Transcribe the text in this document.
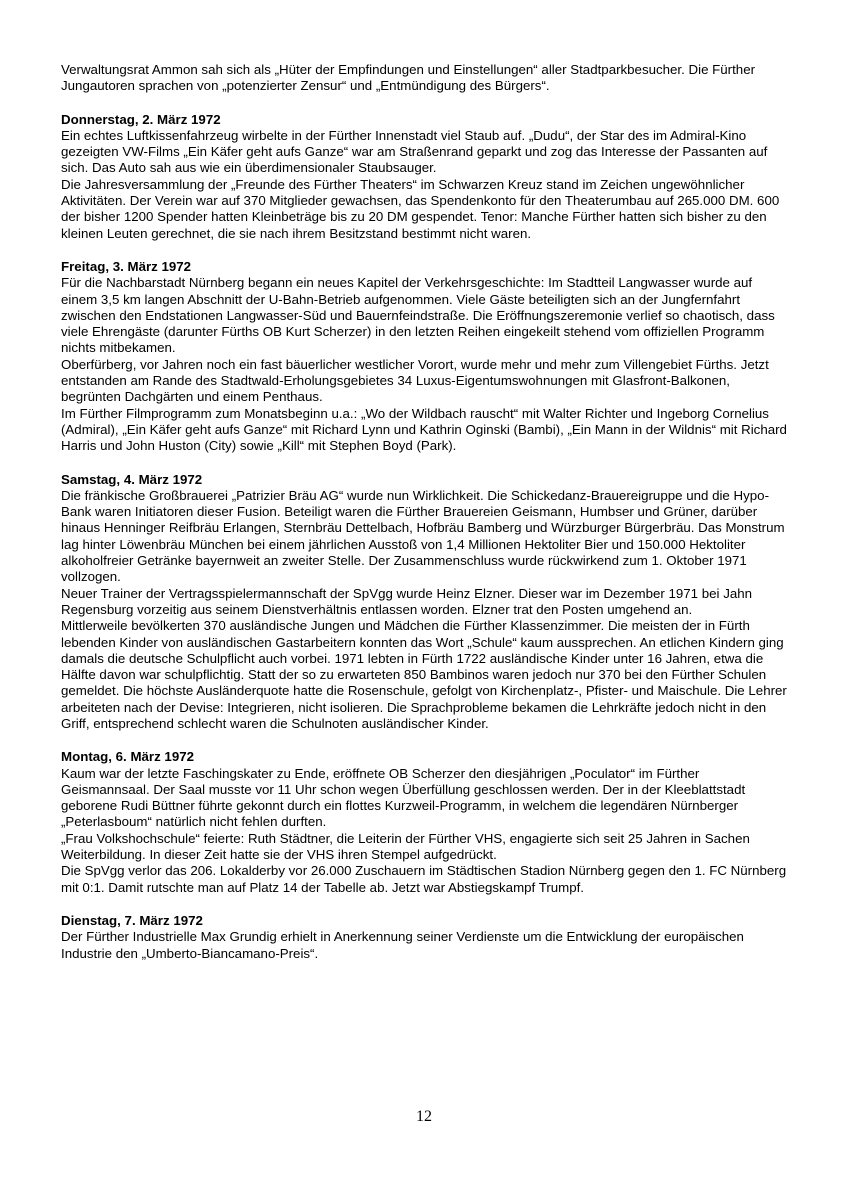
Verwaltungsrat Ammon sah sich als „Hüter der Empfindungen und Einstellungen“ aller Stadtparkbesucher. Die Fürther Jungautoren sprachen von „potenzierter Zensur“ und „Entmündigung des Bürgers“.

Donnerstag, 2. März 1972

Ein echtes Luftkissenfahrzeug wirbelte in der Fürther Innenstadt viel Staub auf. „Dudu“, der Star des im Admiral-Kino gezeigten VW-Films „Ein Käfer geht aufs Ganze“ war am Straßenrand geparkt und zog das Interesse der Passanten auf sich. Das Auto sah aus wie ein überdimensionaler Staubsauger.

Die Jahresversammlung der „Freunde des Fürther Theaters“ im Schwarzen Kreuz stand im Zeichen ungewöhnlicher Aktivitäten. Der Verein war auf 370 Mitglieder gewachsen, das Spendenkonto für den Theaterumbau auf 265.000 DM. 600 der bisher 1200 Spender hatten Kleinbeträge bis zu 20 DM gespendet. Tenor: Manche Fürther hatten sich bisher zu den kleinen Leuten gerechnet, die sie nach ihrem Besitzstand bestimmt nicht waren.

Freitag, 3. März 1972

Für die Nachbarstadt Nürnberg begann ein neues Kapitel der Verkehrsgeschichte: Im Stadtteil Langwasser wurde auf einem 3,5 km langen Abschnitt der U-Bahn-Betrieb aufgenommen. Viele Gäste beteiligten sich an der Jungfernfahrt zwischen den Endstationen Langwasser-Süd und Bauernfeindstraße. Die Eröffnungszeremonie verlief so chaotisch, dass viele Ehrengäste (darunter Fürths OB Kurt Scherzer) in den letzten Reihen eingekeilt stehend vom offiziellen Programm nichts mitbekamen.

Oberfürberg, vor Jahren noch ein fast bäuerlicher westlicher Vorort, wurde mehr und mehr zum Villengebiet Fürths. Jetzt entstanden am Rande des Stadtwald-Erholungsgebietes 34 Luxus-Eigentumswohnungen mit Glasfront-Balkonen, begrünten Dachgärten und einem Penthaus.

Im Fürther Filmprogramm zum Monatsbeginn u.a.: „Wo der Wildbach rauscht“ mit Walter Richter und Ingeborg Cornelius (Admiral), „Ein Käfer geht aufs Ganze“ mit Richard Lynn und Kathrin Oginski (Bambi), „Ein Mann in der Wildnis“ mit Richard Harris und John Huston (City) sowie „Kill“ mit Stephen Boyd (Park).

Samstag, 4. März 1972

Die fränkische Großbrauerei „Patrizier Bräu AG“ wurde nun Wirklichkeit. Die Schickedanz-Brauereigruppe und die Hypo-Bank waren Initiatoren dieser Fusion. Beteiligt waren die Fürther Brauereien Geismann, Humbser und Grüner, darüber hinaus Henninger Reifbräu Erlangen, Sternbräu Dettelbach, Hofbräu Bamberg und Würzburger Bürgerbräu. Das Monstrum lag hinter Löwenbräu München bei einem jährlichen Ausstoß von 1,4 Millionen Hektoliter Bier und 150.000 Hektoliter alkoholfreier Getränke bayernweit an zweiter Stelle. Der Zusammenschluss wurde rückwirkend zum 1. Oktober 1971 vollzogen.

Neuer Trainer der Vertragsspielermannschaft der SpVgg wurde Heinz Elzner. Dieser war im Dezember 1971 bei Jahn Regensburg vorzeitig aus seinem Dienstverhältnis entlassen worden. Elzner trat den Posten umgehend an.

Mittlerweile bevölkerten 370 ausländische Jungen und Mädchen die Fürther Klassenzimmer. Die meisten der in Fürth lebenden Kinder von ausländischen Gastarbeitern konnten das Wort „Schule“ kaum aussprechen. An etlichen Kindern ging damals die deutsche Schulpflicht auch vorbei. 1971 lebten in Fürth 1722 ausländische Kinder unter 16 Jahren, etwa die Hälfte davon war schulpflichtig. Statt der so zu erwarteten 850 Bambinos waren jedoch nur 370 bei den Fürther Schulen gemeldet. Die höchste Ausländerquote hatte die Rosenschule, gefolgt von Kirchenplatz-, Pfister- und Maischule. Die Lehrer arbeiteten nach der Devise: Integrieren, nicht isolieren. Die Sprachprobleme bekamen die Lehrkräfte jedoch nicht in den Griff, entsprechend schlecht waren die Schulnoten ausländischer Kinder.

Montag, 6. März 1972

Kaum war der letzte Faschingskater zu Ende, eröffnete OB Scherzer den diesjährigen „Poculator“ im Fürther Geismannsaal. Der Saal musste vor 11 Uhr schon wegen Überfüllung geschlossen werden. Der in der Kleeblattstadt geborene Rudi Büttner führte gekonnt durch ein flottes Kurzweil-Programm, in welchem die legendären Nürnberger „Peterlasboum“ natürlich nicht fehlen durften.

„Frau Volkshochschule“ feierte: Ruth Städtner, die Leiterin der Fürther VHS, engagierte sich seit 25 Jahren in Sachen Weiterbildung. In dieser Zeit hatte sie der VHS ihren Stempel aufgedrückt.

Die SpVgg verlor das 206. Lokalderby vor 26.000 Zuschauern im Städtischen Stadion Nürnberg gegen den 1. FC Nürnberg mit 0:1. Damit rutschte man auf Platz 14 der Tabelle ab. Jetzt war Abstiegskampf Trumpf.

Dienstag, 7. März 1972

Der Fürther Industrielle Max Grundig erhielt in Anerkennung seiner Verdienste um die Entwicklung der europäischen Industrie den „Umberto-Biancamano-Preis“.

12
